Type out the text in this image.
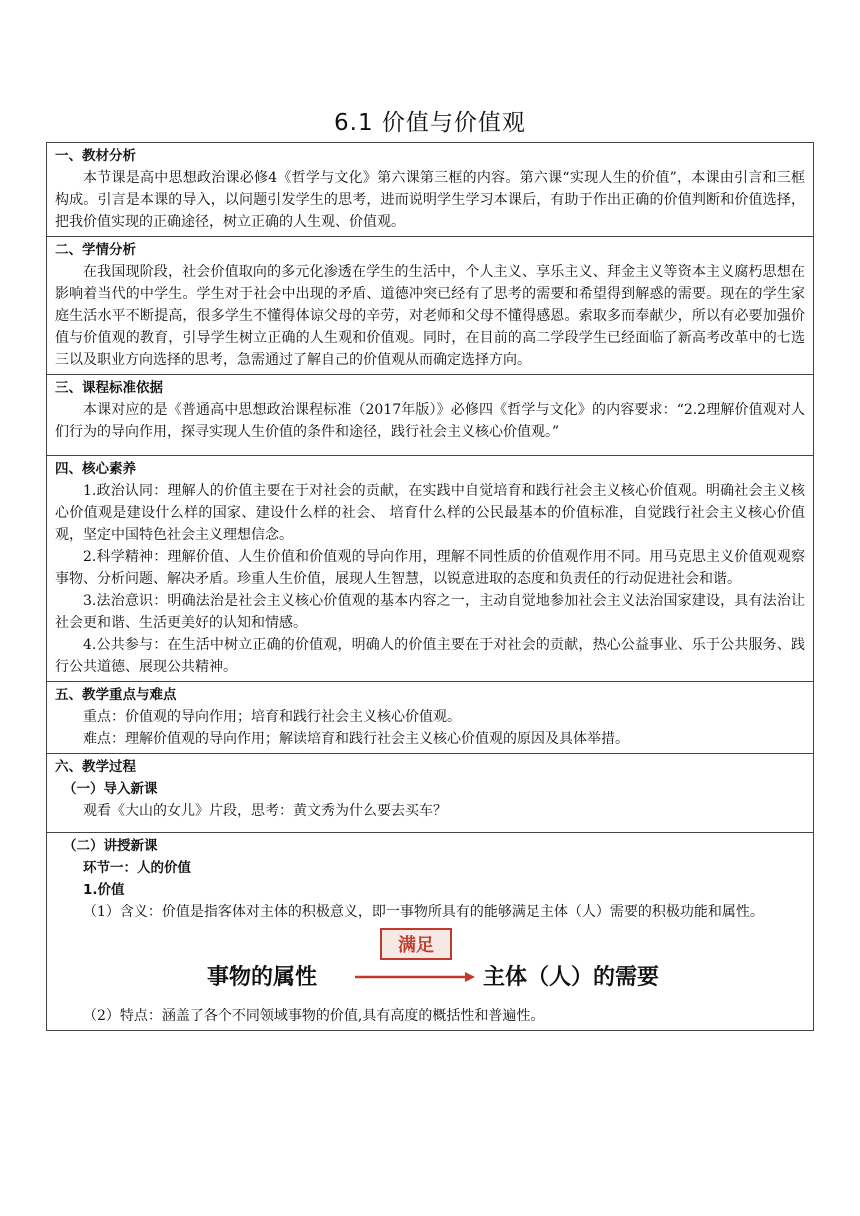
6.1 价值与价值观
一、教材分析
本节课是高中思想政治课必修4《哲学与文化》第六课第三框的内容。第六课“实现人生的价值”，本课由引言和三框构成。引言是本课的导入，以问题引发学生的思考，进而说明学生学习本课后，有助于作出正确的价值判断和价值选择，把我价值实现的正确途径，树立正确的人生观、价值观。

二、学情分析
在我国现阶段，社会价值取向的多元化渗透在学生的生活中，个人主义、享乐主义、拜金主义等资本主义腐朽思想在影响着当代的中学生。学生对于社会中出现的矛盾、道德冲突已经有了思考的需要和希望得到解惑的需要。现在的学生家庭生活水平不断提高，很多学生不懂得体谅父母的辛劳，对老师和父母不懂得感恩。索取多而奉献少，所以有必要加强价值与价值观的教育，引导学生树立正确的人生观和价值观。同时，在目前的高二学段学生已经面临了新高考改革中的七选三以及职业方向选择的思考，急需通过了解自己的价值观从而确定选择方向。

三、课程标准依据
本课对应的是《普通高中思想政治课程标准（2017年版）》必修四《哲学与文化》的内容要求：“2.2理解价值观对人们行为的导向作用，探寻实现人生价值的条件和途径，践行社会主义核心价值观。”

四、核心素养
1.政治认同：理解人的价值主要在于对社会的贡献，在实践中自觉培育和践行社会主义核心价值观。明确社会主义核心价值观是建设什么样的国家、建设什么样的社会、 培育什么样的公民最基本的价值标准，自觉践行社会主义核心价值观，坚定中国特色社会主义理想信念。
2.科学精神：理解价值、人生价值和价值观的导向作用，理解不同性质的价值观作用不同。用马克思主义价值观观察事物、分析问题、解决矛盾。珍重人生价值，展现人生智慧，以锐意进取的态度和负责任的行动促进社会和谐。
3.法治意识：明确法治是社会主义核心价值观的基本内容之一，主动自觉地参加社会主义法治国家建设，具有法治让社会更和谐、生活更美好的认知和情感。
4.公共参与：在生活中树立正确的价值观，明确人的价值主要在于对社会的贡献，热心公益事业、乐于公共服务、践行公共道德、展现公共精神。

五、教学重点与难点
重点：价值观的导向作用；培育和践行社会主义核心价值观。
难点：理解价值观的导向作用；解读培育和践行社会主义核心价值观的原因及具体举措。

六、教学过程
（一）导入新课
观看《大山的女儿》片段，思考：黄文秀为什么要去买车？

（二）讲授新课
环节一：人的价值
1.价值
（1）含义：价值是指客体对主体的积极意义，即一事物所具有的能够满足主体（人）需要的积极功能和属性。
满足
事物的属性	主体（人）的需要
（2）特点：涵盖了各个不同领域事物的价值,具有高度的概括性和普遍性。
